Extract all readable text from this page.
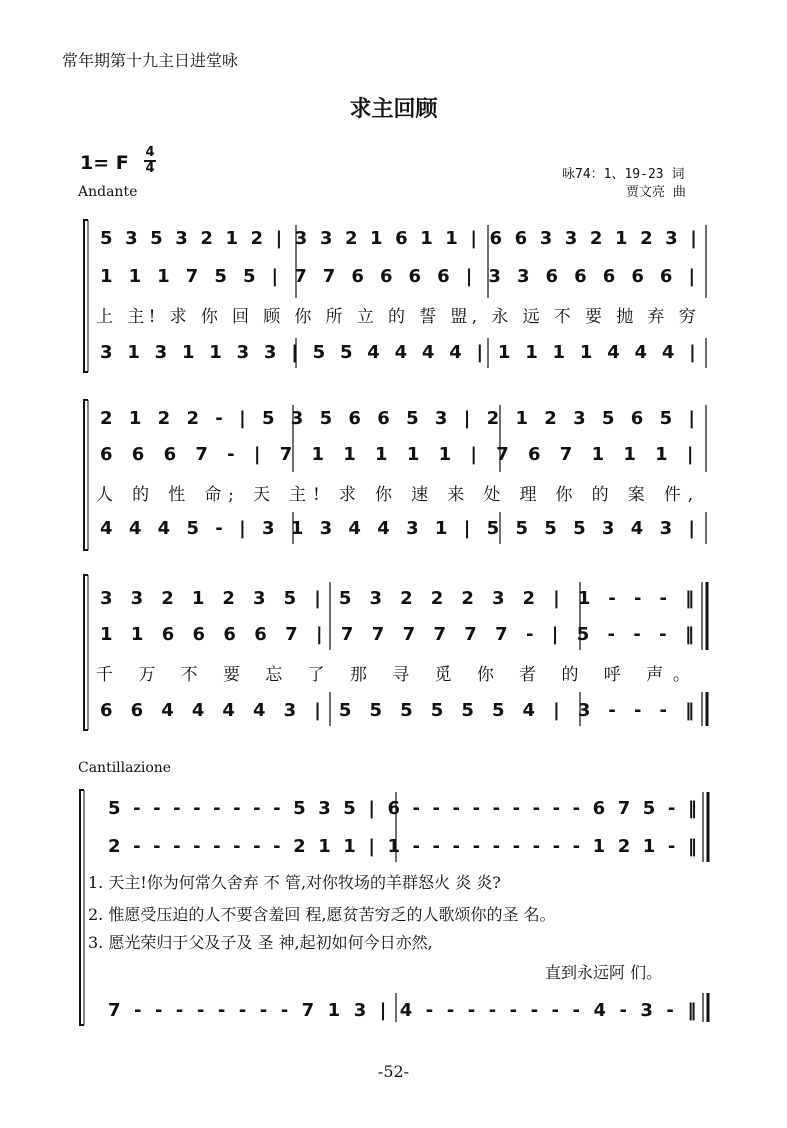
常年期第十九主日进堂咏
求主回顾
1= F 4
4
Andante
咏74：1、19-23 词
贾文亮 曲
5 3 5 3 2 1 2 | 3 3 2 1 6 1 1 | 6 6 3 3 2 1 2 3 |
1 1 1 7 5 5 | 7 7 6 6 6 6 | 3 3 6 6 6 6 6 |
上 主! 求 你 回 顾 你 所 立 的 誓 盟, 永 远 不 要 抛 弃 穷
3 1 3 1 1 3 3 | 5 5 4 4 4 4 | 1 1 1 1 4 4 4 |
2 1 2 2 - | 5 3 5 6 6 5 3 | 2 1 2 3 5 6 5 |
6 6 6 7 - | 7 1 1 1 1 1 | 7 6 7 1 1 1 |
人 的 性 命; 天 主! 求 你 速 来 处 理 你 的 案 件,
4 4 4 5 - | 3 1 3 4 4 3 1 | 5 5 5 5 3 4 3 |
3 3 2 1 2 3 5 | 5 3 2 2 2 3 2 | 1 - - - ‖
1 1 6 6 6 6 7 | 7 7 7 7 7 7 - | 5 - - - ‖
千 万 不 要 忘 了 那 寻 觅 你 者 的 呼 声。
6 6 4 4 4 4 3 | 5 5 5 5 5 5 4 | 3 - - - ‖
Cantillazione
5 - - - - - - - - 5 3 5 | 6 - - - - - - - - - 6 7 5 - ‖
2 - - - - - - - - 2 1 1 | 1 - - - - - - - - - 1 2 1 - ‖
1. 天主!你为何常久舍弃 不 管,对你牧场的羊群怒火 炎 炎?
2. 惟愿受压迫的人不要含羞回 程,愿贫苦穷乏的人歌颂你的圣 名。
3. 愿光荣归于父及子及 圣 神,起初如何今日亦然,
直到永远阿 们。
7 - - - - - - - - 7 1 3 | 4 - - - - - - - - 4 - 3 - ‖
-52-
